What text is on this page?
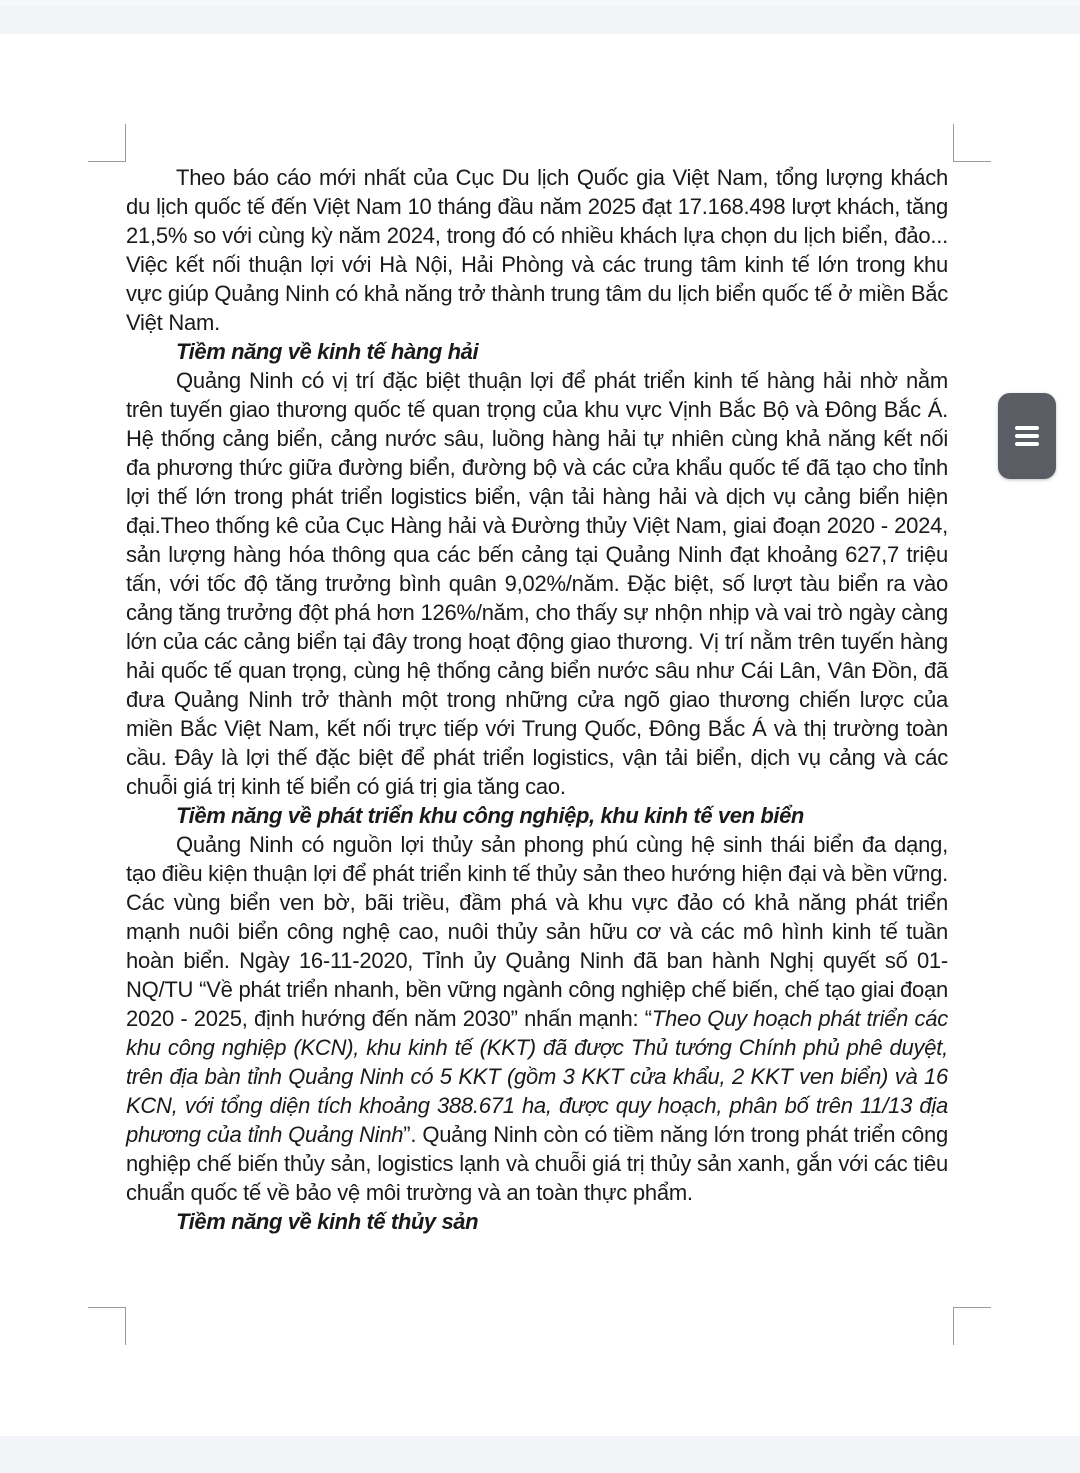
Theo báo cáo mới nhất của Cục Du lịch Quốc gia Việt Nam, tổng lượng khách du lịch quốc tế đến Việt Nam 10 tháng đầu năm 2025 đạt 17.168.498 lượt khách, tăng 21,5% so với cùng kỳ năm 2024, trong đó có nhiều khách lựa chọn du lịch biển, đảo... Việc kết nối thuận lợi với Hà Nội, Hải Phòng và các trung tâm kinh tế lớn trong khu vực giúp Quảng Ninh có khả năng trở thành trung tâm du lịch biển quốc tế ở miền Bắc Việt Nam.

Tiềm năng về kinh tế hàng hải

Quảng Ninh có vị trí đặc biệt thuận lợi để phát triển kinh tế hàng hải nhờ nằm trên tuyến giao thương quốc tế quan trọng của khu vực Vịnh Bắc Bộ và Đông Bắc Á. Hệ thống cảng biển, cảng nước sâu, luồng hàng hải tự nhiên cùng khả năng kết nối đa phương thức giữa đường biển, đường bộ và các cửa khẩu quốc tế đã tạo cho tỉnh lợi thế lớn trong phát triển logistics biển, vận tải hàng hải và dịch vụ cảng biển hiện đại.Theo thống kê của Cục Hàng hải và Đường thủy Việt Nam, giai đoạn 2020 - 2024, sản lượng hàng hóa thông qua các bến cảng tại Quảng Ninh đạt khoảng 627,7 triệu tấn, với tốc độ tăng trưởng bình quân 9,02%/năm. Đặc biệt, số lượt tàu biển ra vào cảng tăng trưởng đột phá hơn 126%/năm, cho thấy sự nhộn nhịp và vai trò ngày càng lớn của các cảng biển tại đây trong hoạt động giao thương. Vị trí nằm trên tuyến hàng hải quốc tế quan trọng, cùng hệ thống cảng biển nước sâu như Cái Lân, Vân Đồn, đã đưa Quảng Ninh trở thành một trong những cửa ngõ giao thương chiến lược của miền Bắc Việt Nam, kết nối trực tiếp với Trung Quốc, Đông Bắc Á và thị trường toàn cầu. Đây là lợi thế đặc biệt để phát triển logistics, vận tải biển, dịch vụ cảng và các chuỗi giá trị kinh tế biển có giá trị gia tăng cao.

Tiềm năng về phát triển khu công nghiệp, khu kinh tế ven biển

Quảng Ninh có nguồn lợi thủy sản phong phú cùng hệ sinh thái biển đa dạng, tạo điều kiện thuận lợi để phát triển kinh tế thủy sản theo hướng hiện đại và bền vững. Các vùng biển ven bờ, bãi triều, đầm phá và khu vực đảo có khả năng phát triển mạnh nuôi biển công nghệ cao, nuôi thủy sản hữu cơ và các mô hình kinh tế tuần hoàn biển. Ngày 16-11-2020, Tỉnh ủy Quảng Ninh đã ban hành Nghị quyết số 01-NQ/TU “Về phát triển nhanh, bền vững ngành công nghiệp chế biến, chế tạo giai đoạn 2020 - 2025, định hướng đến năm 2030” nhấn mạnh: “Theo Quy hoạch phát triển các khu công nghiệp (KCN), khu kinh tế (KKT) đã được Thủ tướng Chính phủ phê duyệt, trên địa bàn tỉnh Quảng Ninh có 5 KKT (gồm 3 KKT cửa khẩu, 2 KKT ven biển) và 16 KCN, với tổng diện tích khoảng 388.671 ha, được quy hoạch, phân bố trên 11/13 địa phương của tỉnh Quảng Ninh”. Quảng Ninh còn có tiềm năng lớn trong phát triển công nghiệp chế biến thủy sản, logistics lạnh và chuỗi giá trị thủy sản xanh, gắn với các tiêu chuẩn quốc tế về bảo vệ môi trường và an toàn thực phẩm.

Tiềm năng về kinh tế thủy sản
